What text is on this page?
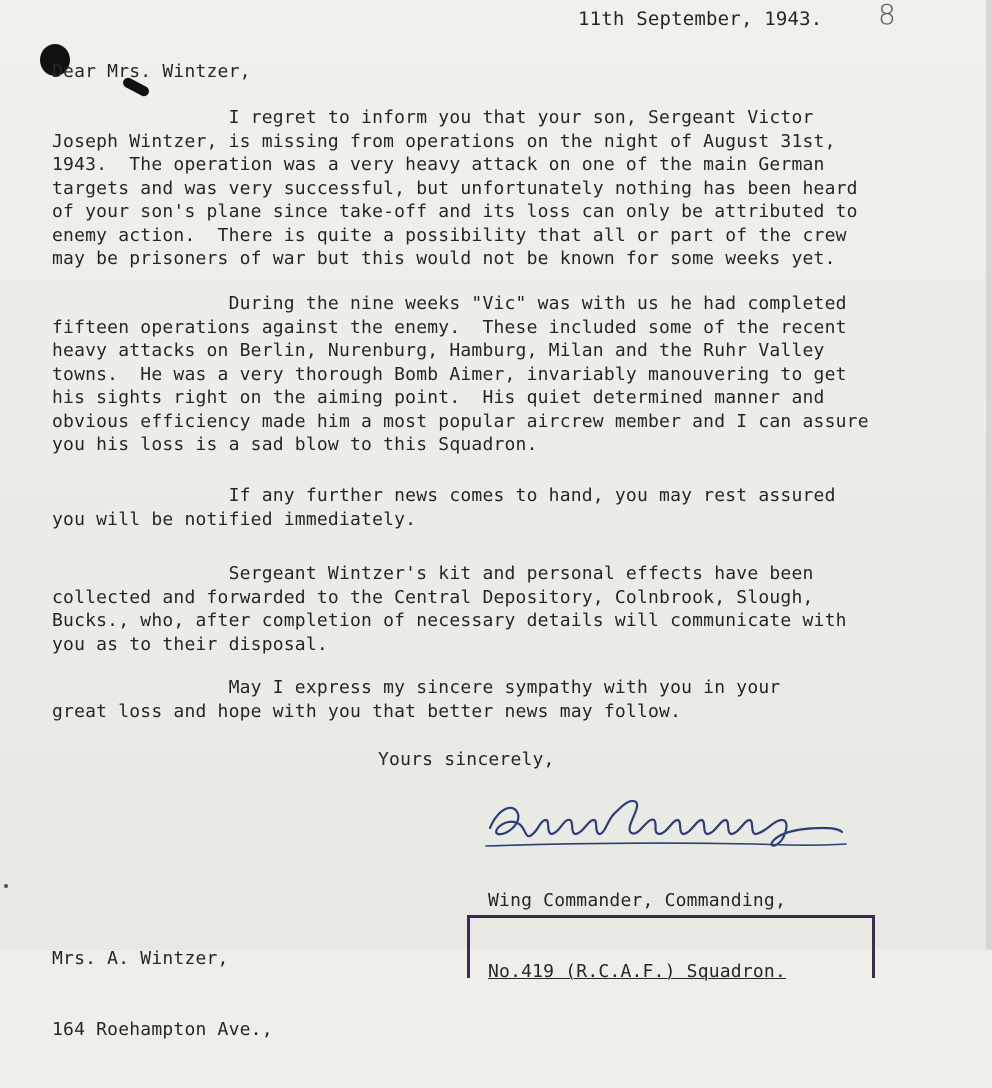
11th September, 1943. 8
Dear Mrs. Wintzer,
I regret to inform you that your son, Sergeant Victor
Joseph Wintzer, is missing from operations on the night of August 31st,
1943.  The operation was a very heavy attack on one of the main German
targets and was very successful, but unfortunately nothing has been heard
of your son's plane since take-off and its loss can only be attributed to
enemy action.  There is quite a possibility that all or part of the crew
may be prisoners of war but this would not be known for some weeks yet.
During the nine weeks "Vic" was with us he had completed
fifteen operations against the enemy.  These included some of the recent
heavy attacks on Berlin, Nurenburg, Hamburg, Milan and the Ruhr Valley
towns.  He was a very thorough Bomb Aimer, invariably manouvering to get
his sights right on the aiming point.  His quiet determined manner and
obvious efficiency made him a most popular aircrew member and I can assure
you his loss is a sad blow to this Squadron.
If any further news comes to hand, you may rest assured
you will be notified immediately.
Sergeant Wintzer's kit and personal effects have been
collected and forwarded to the Central Depository, Colnbrook, Slough,
Bucks., who, after completion of necessary details will communicate with
you as to their disposal.
May I express my sincere sympathy with you in your
great loss and hope with you that better news may follow.
Yours sincerely,

Wing Commander, Commanding,

No.419 (R.C.A.F.) Squadron.

Mrs. A. Wintzer,

164 Roehampton Ave.,
